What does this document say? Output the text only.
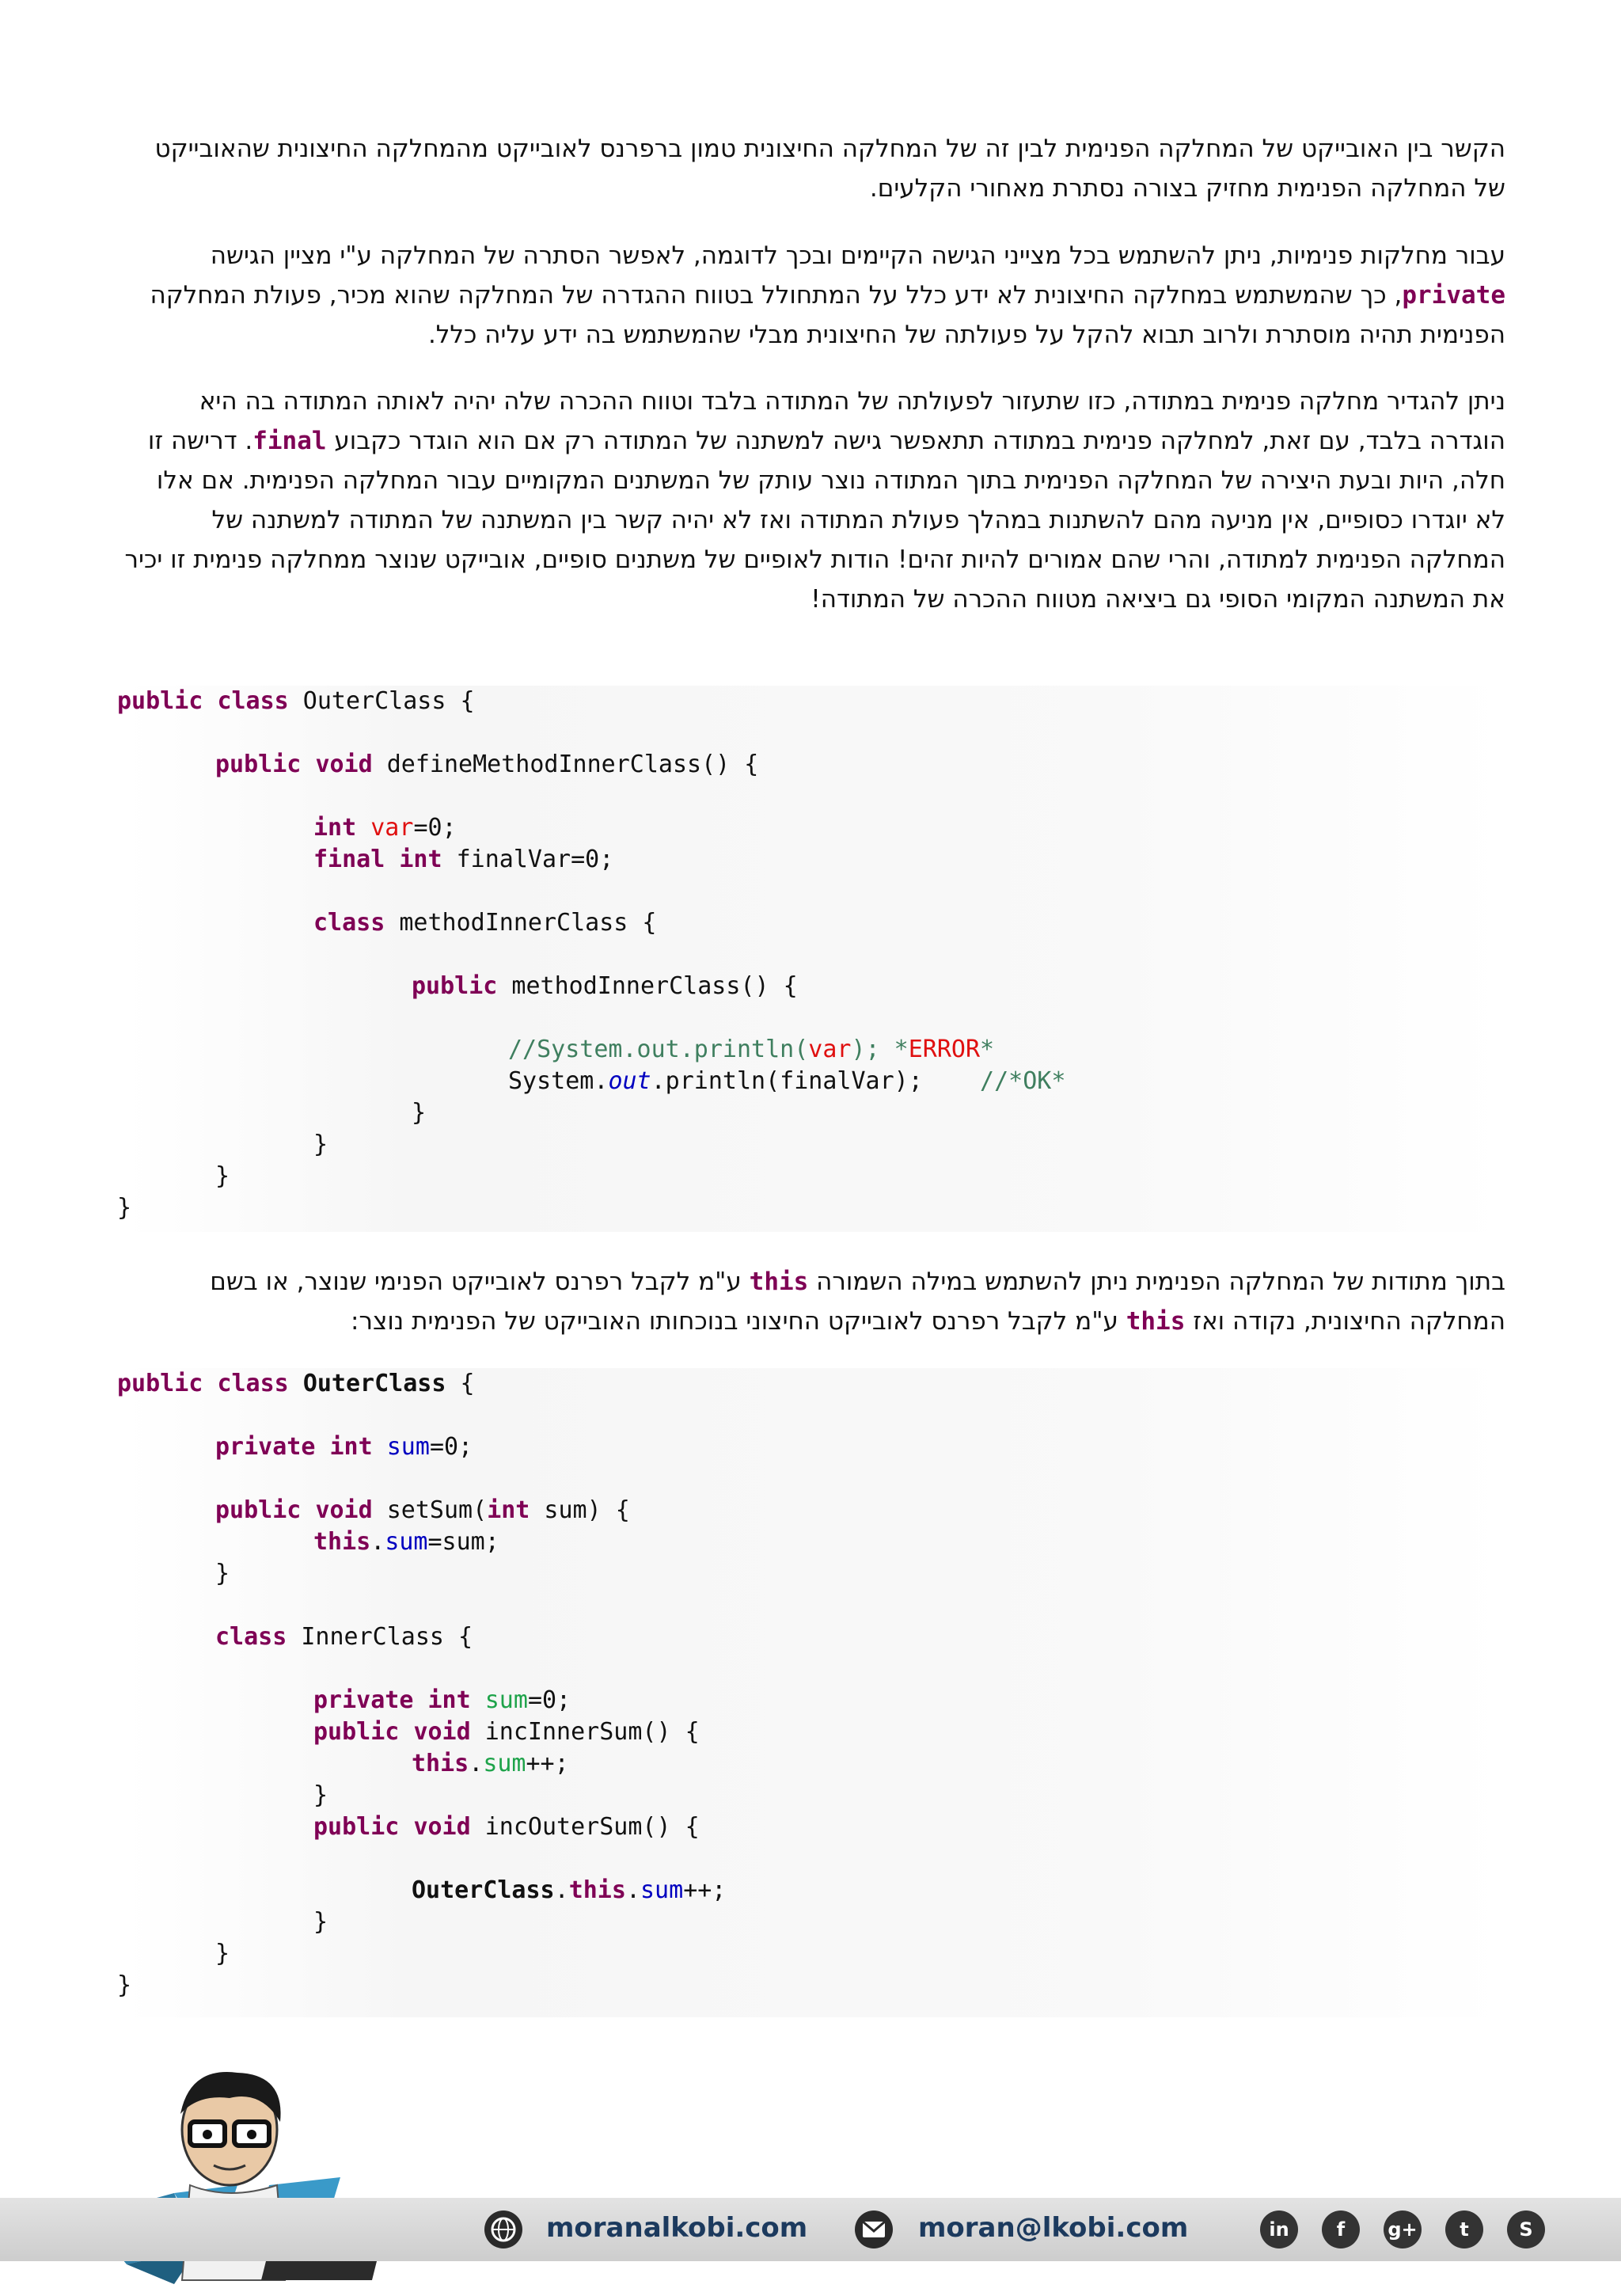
הקשר בין האובייקט של המחלקה הפנימית לבין זה של המחלקה החיצונית טמון ברפרנס לאובייקט מהמחלקה החיצונית שהאובייקט של המחלקה הפנימית מחזיק בצורה נסתרת מאחורי הקלעים.

עבור מחלקות פנימיות, ניתן להשתמש בכל מצייני הגישה הקיימים ובכך לדוגמה, לאפשר הסתרה של המחלקה ע"י מציין הגישה private, כך שהמשתמש במחלקה החיצונית לא ידע כלל על המתחולל בטווח ההגדרה של המחלקה שהוא מכיר, פעולת המחלקה הפנימית תהיה מוסתרת ולרוב תבוא להקל על פעולתה של החיצונית מבלי שהמשתמש בה ידע עליה כלל.

ניתן להגדיר מחלקה פנימית במתודה, כזו שתעזור לפעולתה של המתודה בלבד וטווח ההכרה שלה יהיה לאותה המתודה בה היא הוגדרה בלבד, עם זאת, למחלקה פנימית במתודה תתאפשר גישה למשתנה של המתודה רק אם הוא הוגדר כקבוע final. דרישה זו חלה, היות ובעת היצירה של המחלקה הפנימית בתוך המתודה נוצר עותק של המשתנים המקומיים עבור המחלקה הפנימית. אם אלו לא יוגדרו כסופיים, אין מניעה מהם להשתנות במהלך פעולת המתודה ואז לא יהיה קשר בין המשתנה של המתודה למשתנה של המחלקה הפנימית למתודה, והרי שהם אמורים להיות זהים! הודות לאופיים של משתנים סופיים, אובייקט שנוצר ממחלקה פנימית זו יכיר את המשתנה המקומי הסופי גם ביציאה מטווח ההכרה של המתודה!

public class OuterClass {
public void defineMethodInnerClass() {
int var=0;
final int finalVar=0;
class methodInnerClass {
public methodInnerClass() {
//System.out.println(var); *ERROR*
System.out.println(finalVar);    //*OK*
}
}
}
}

בתוך מתודות של המחלקה הפנימית ניתן להשתמש במילה השמורה this ע"מ לקבל רפרנס לאובייקט הפנימי שנוצר, או בשם המחלקה החיצונית, נקודה ואז this ע"מ לקבל רפרנס לאובייקט החיצוני בנוכחותו האובייקט של הפנימית נוצר:

public class OuterClass {
private int sum=0;
public void setSum(int sum) {
this.sum=sum;
}
class InnerClass {
private int sum=0;
public void incInnerSum() {
this.sum++;
}
public void incOuterSum() {
OuterClass.this.sum++;
}
}
}
moranalkobi.com	moran@lkobi.com	in	f	g+	t	S
